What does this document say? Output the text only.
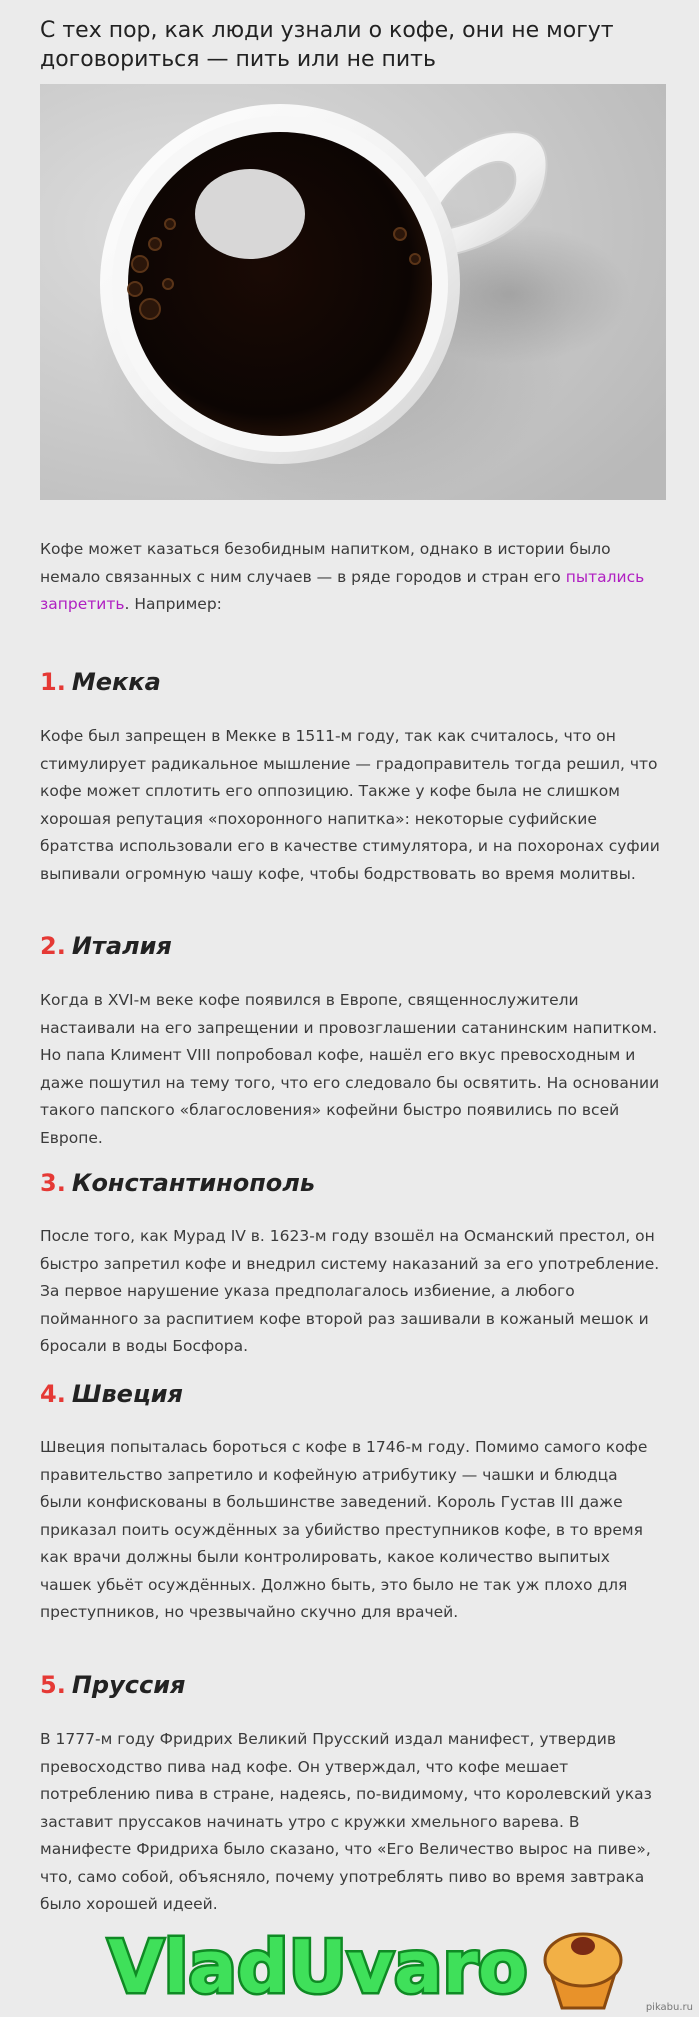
С тех пор, как люди узнали о кофе, они не могут договориться — пить или не пить

Кофе может казаться безобидным напитком, однако в истории было немало связанных с ним случаев — в ряде городов и стран его пытались запретить. Например:

1. Мекка

Кофе был запрещен в Мекке в 1511-м году, так как считалось, что он стимулирует радикальное мышление — градоправитель тогда решил, что кофе может сплотить его оппозицию. Также у кофе была не слишком хорошая репутация «похоронного напитка»: некоторые суфийские братства использовали его в качестве стимулятора, и на похоронах суфии выпивали огромную чашу кофе, чтобы бодрствовать во время молитвы.

2. Италия

Когда в XVI-м веке кофе появился в Европе, священнослужители настаивали на его запрещении и провозглашении сатанинским напитком. Но папа Климент VIII попробовал кофе, нашёл его вкус превосходным и даже пошутил на тему того, что его следовало бы освятить. На основании такого папского «благословения» кофейни быстро появились по всей Европе.

3. Константинополь

После того, как Мурад IV в. 1623-м году взошёл на Османский престол, он быстро запретил кофе и внедрил систему наказаний за его употребление. За первое нарушение указа предполагалось избиение, а любого пойманного за распитием кофе второй раз зашивали в кожаный мешок и бросали в воды Босфора.

4. Швеция

Швеция попыталась бороться с кофе в 1746-м году. Помимо самого кофе правительство запретило и кофейную атрибутику — чашки и блюдца были конфискованы в большинстве заведений. Король Густав III даже приказал поить осуждённых за убийство преступников кофе, в то время как врачи должны были контролировать, какое количество выпитых чашек убьёт осуждённых. Должно быть, это было не так уж плохо для преступников, но чрезвычайно скучно для врачей.

5. Пруссия

В 1777-м году Фридрих Великий Прусский издал манифест, утвердив превосходство пива над кофе. Он утверждал, что кофе мешает потреблению пива в стране, надеясь, по-видимому, что королевский указ заставит пруссаков начинать утро с кружки хмельного варева. В манифесте Фридриха было сказано, что «Его Величество вырос на пиве», что, само собой, объясняло, почему употреблять пиво во время завтрака было хорошей идеей.

VladUvaro	pikabu.ru
